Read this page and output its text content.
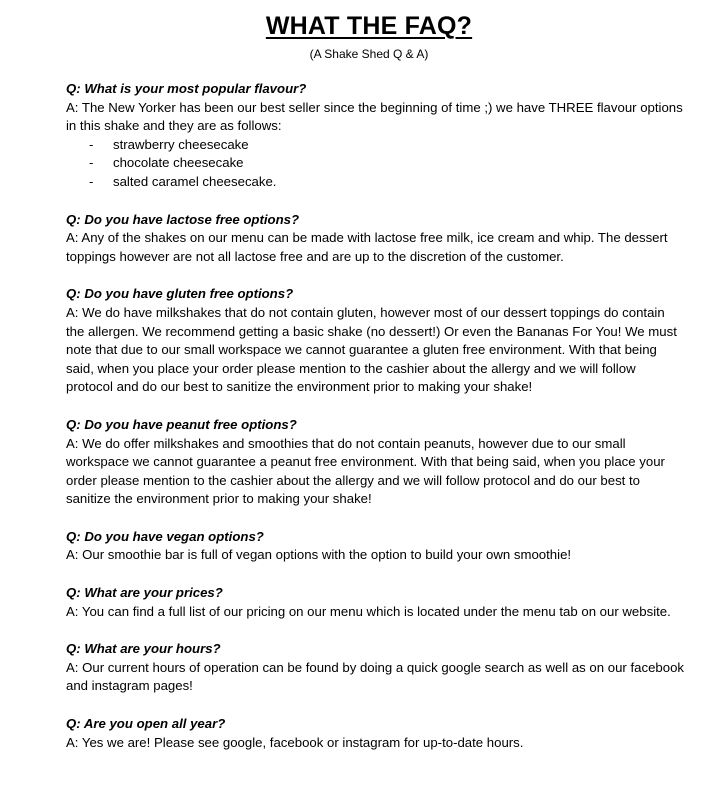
WHAT THE FAQ?
(A Shake Shed Q & A)
Q: What is your most popular flavour?
A: The New Yorker has been our best seller since the beginning of time ;) we have THREE flavour options in this shake and they are as follows:
- strawberry cheesecake
- chocolate cheesecake
- salted caramel cheesecake.
Q: Do you have lactose free options?
A: Any of the shakes on our menu can be made with lactose free milk, ice cream and whip. The dessert toppings however are not all lactose free and are up to the discretion of the customer.
Q: Do you have gluten free options?
A: We do have milkshakes that do not contain gluten, however most of our dessert toppings do contain the allergen. We recommend getting a basic shake (no dessert!) Or even the Bananas For You! We must note that due to our small workspace we cannot guarantee a gluten free environment. With that being said, when you place your order please mention to the cashier about the allergy and we will follow protocol and do our best to sanitize the environment prior to making your shake!
Q: Do you have peanut free options?
A: We do offer milkshakes and smoothies that do not contain peanuts, however due to our small workspace we cannot guarantee a peanut free environment. With that being said, when you place your order please mention to the cashier about the allergy and we will follow protocol and do our best to sanitize the environment prior to making your shake!
Q: Do you have vegan options?
A: Our smoothie bar is full of vegan options with the option to build your own smoothie!
Q: What are your prices?
A: You can find a full list of our pricing on our menu which is located under the menu tab on our website.
Q: What are your hours?
A: Our current hours of operation can be found by doing a quick google search as well as on our facebook and instagram pages!
Q: Are you open all year?
A: Yes we are! Please see google, facebook or instagram for up-to-date hours.
